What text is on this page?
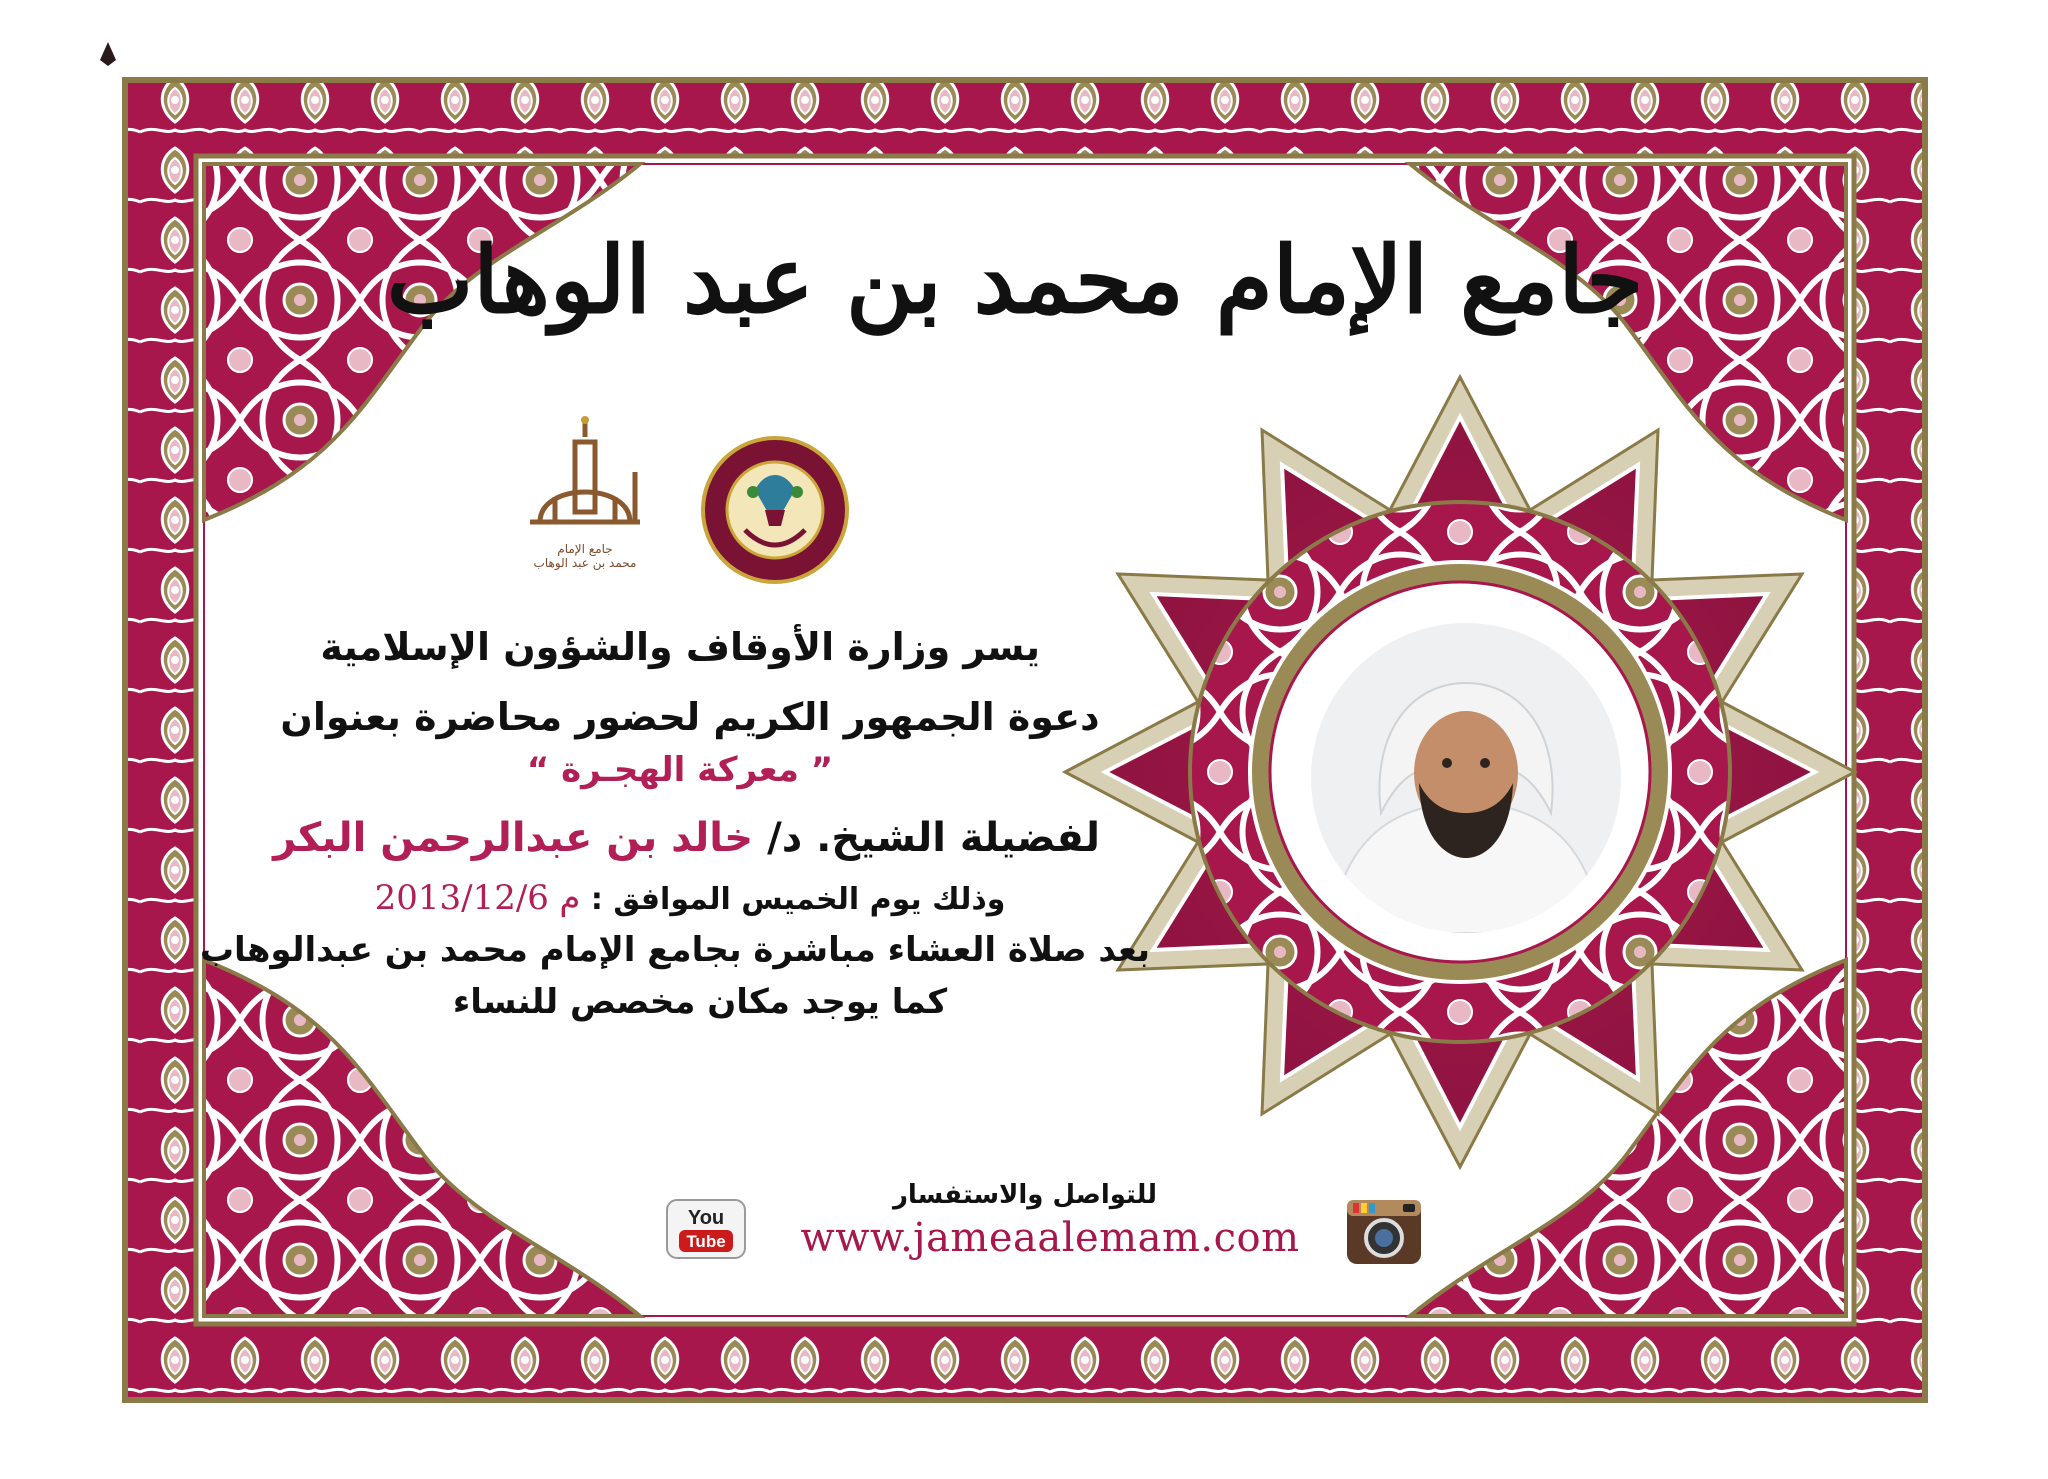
جامع الإمام محمد بن عبد الوهاب
جامع الإمام
محمد بن عبد الوهاب
يسر وزارة الأوقاف والشؤون الإسلامية
دعوة الجمهور الكريم لحضور محاضرة بعنوان
” معركة الهجـرة “
لفضيلة الشيخ. د/ خالد بن عبدالرحمن البكر
وذلك يوم الخميس الموافق : 2013/12/6 م
بعد صلاة العشاء مباشرة بجامع الإمام محمد بن عبدالوهاب
كما يوجد مكان مخصص للنساء
للتواصل والاستفسار
www.jameaalemam.com
You
Tube
